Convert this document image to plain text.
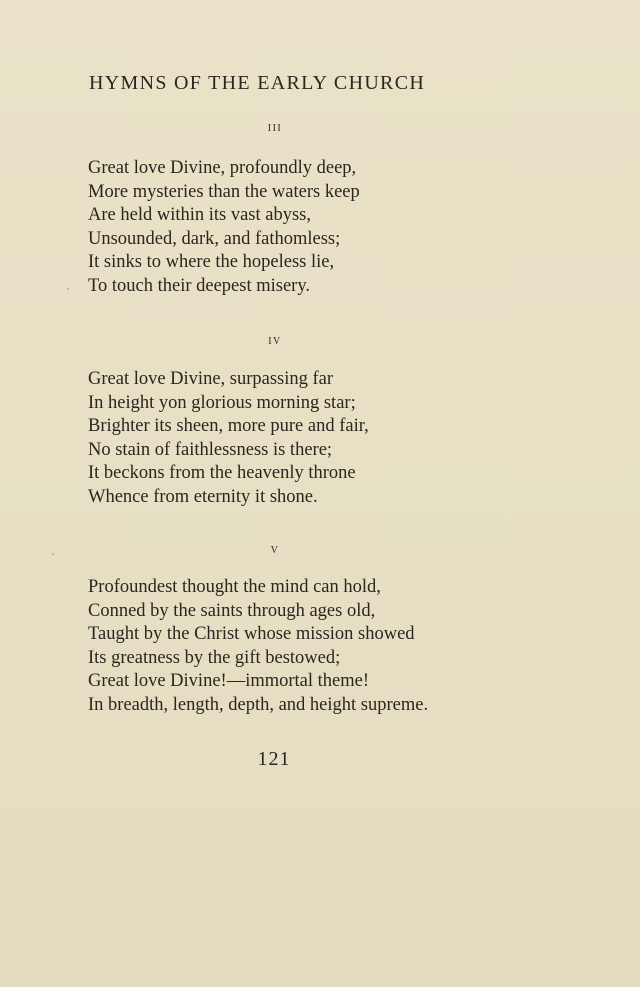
HYMNS OF THE EARLY CHURCH
iii
Great love Divine, profoundly deep,
More mysteries than the waters keep
Are held within its vast abyss,
Unsounded, dark, and fathomless;
It sinks to where the hopeless lie,
To touch their deepest misery.
iv
Great love Divine, surpassing far
In height yon glorious morning star;
Brighter its sheen, more pure and fair,
No stain of faithlessness is there;
It beckons from the heavenly throne
Whence from eternity it shone.
v
Profoundest thought the mind can hold,
Conned by the saints through ages old,
Taught by the Christ whose mission showed
Its greatness by the gift bestowed;
Great love Divine!—immortal theme!
In breadth, length, depth, and height supreme.
121
